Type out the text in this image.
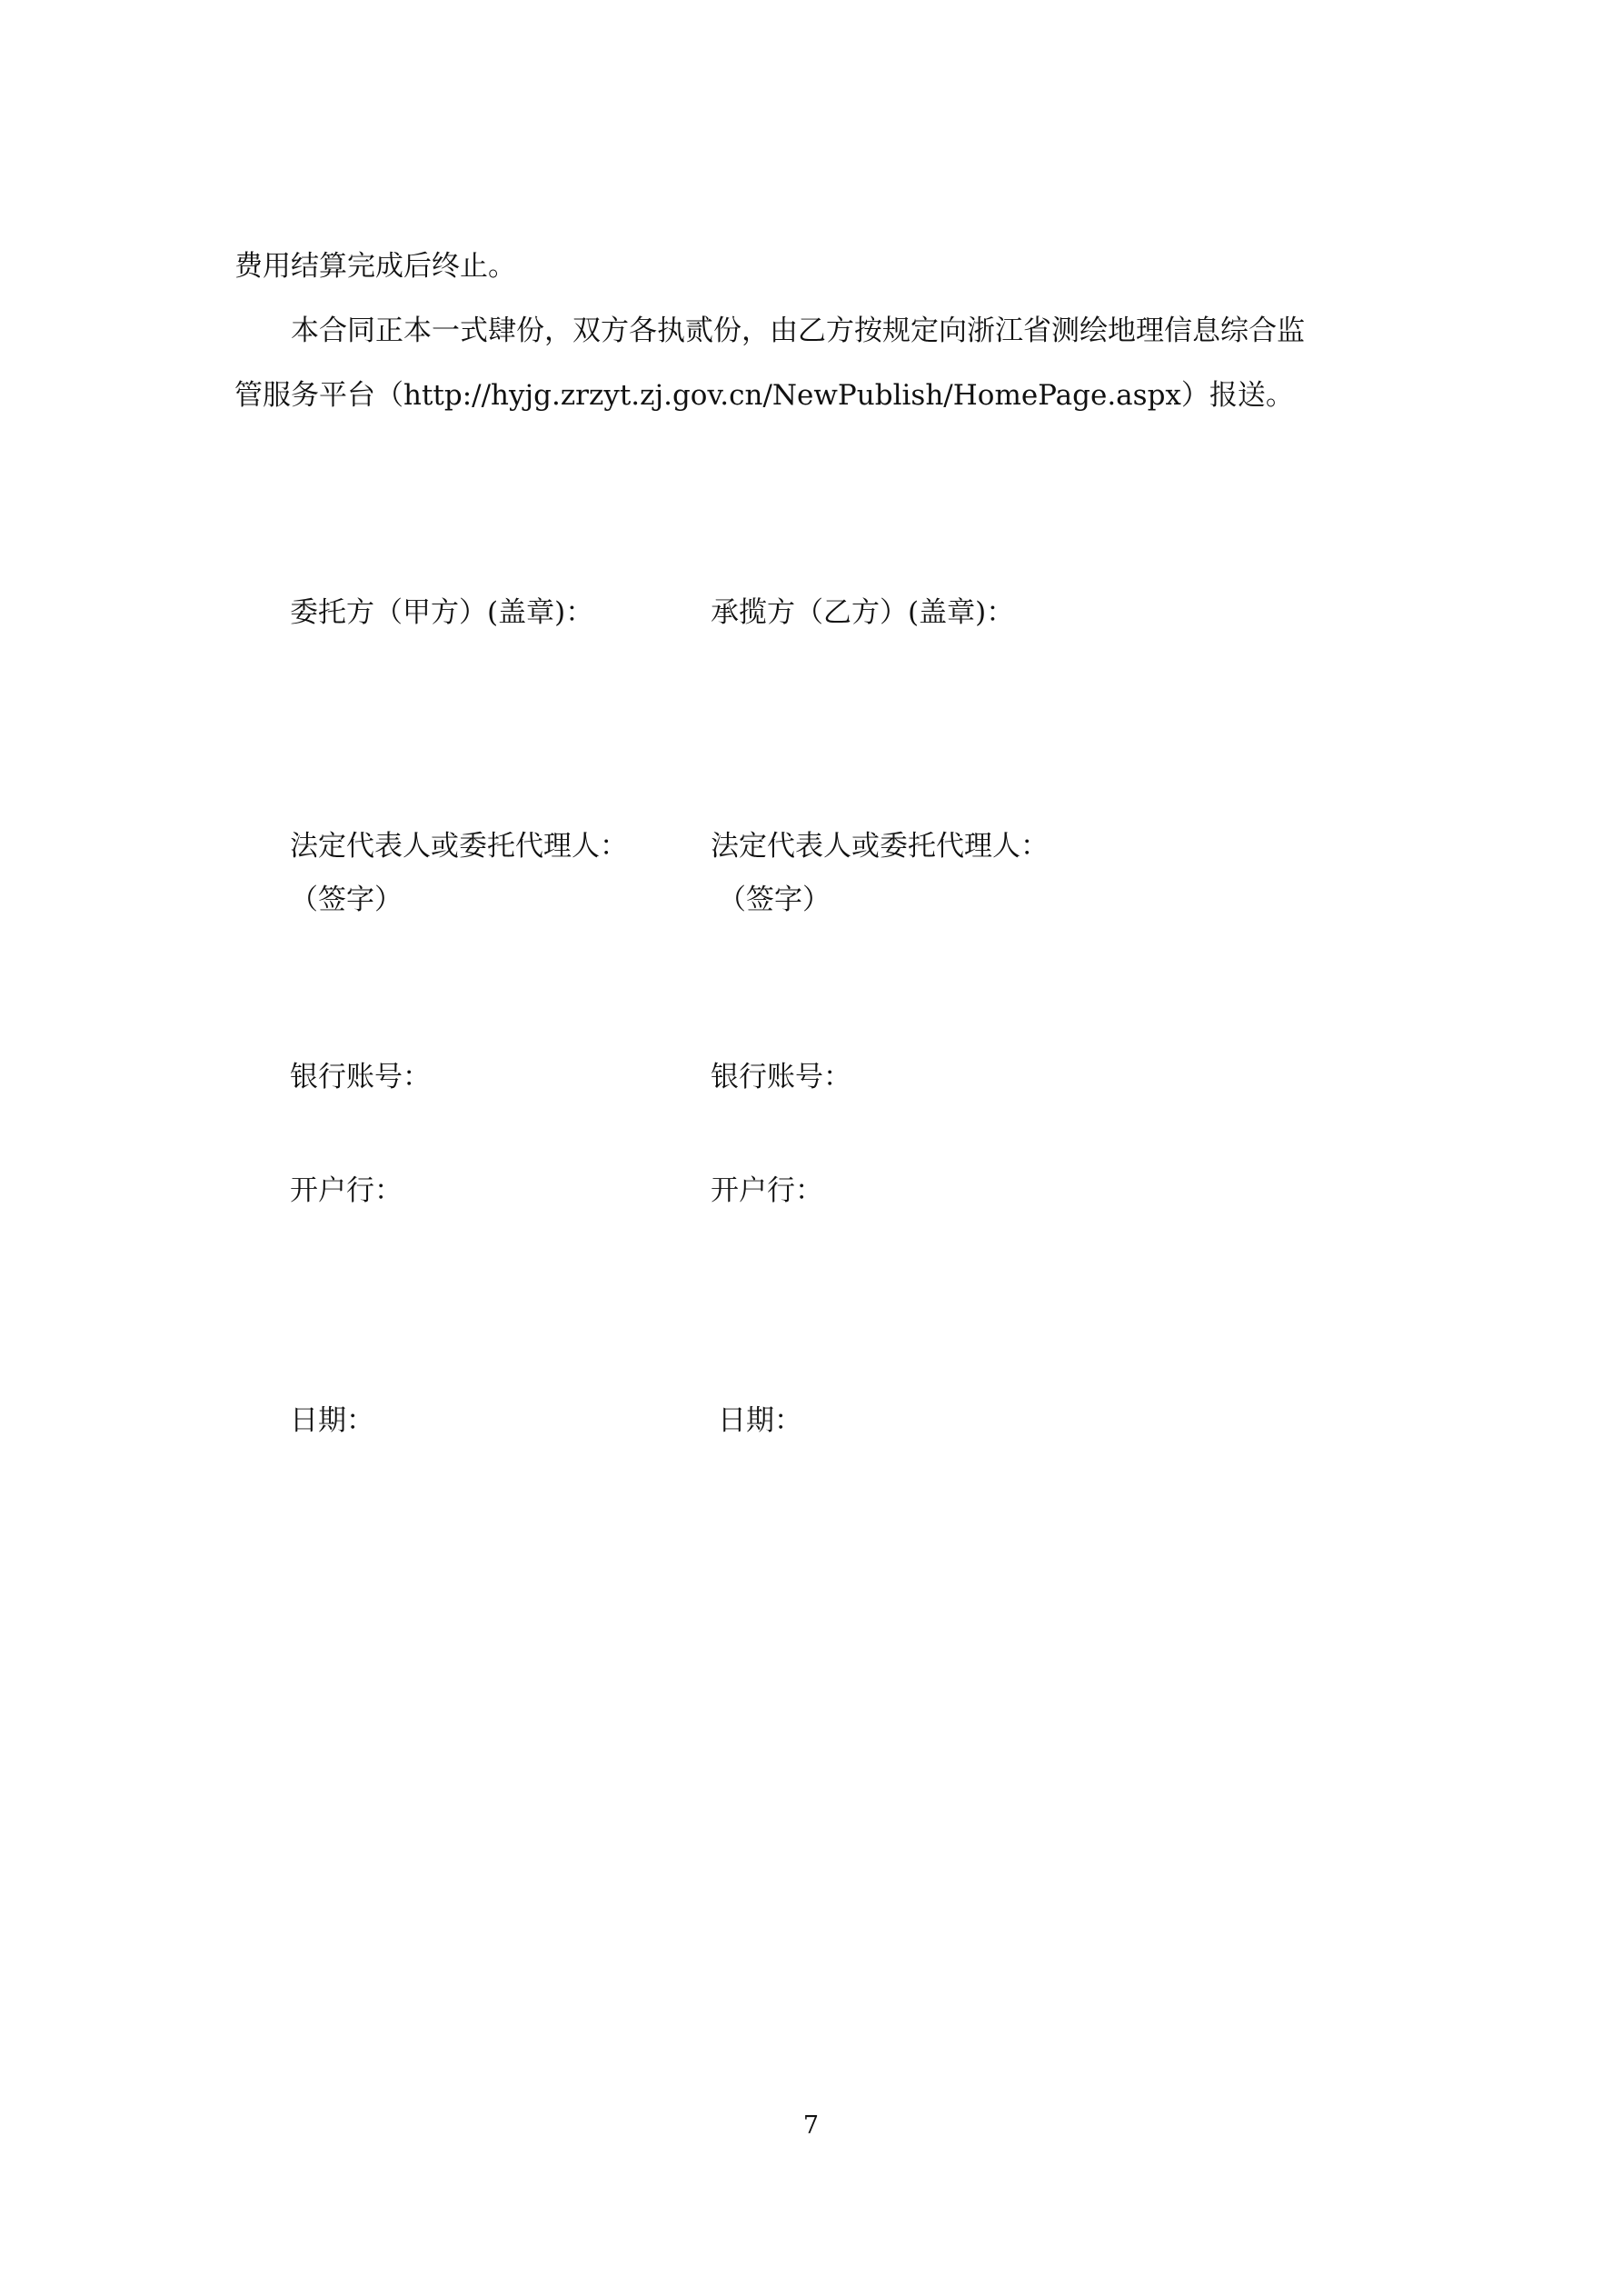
费用结算完成后终止。
本合同正本一式肆份，双方各执贰份，由乙方按规定向浙江省测绘地理信息综合监
管服务平台（http://hyjg.zrzyt.zj.gov.cn/NewPublish/HomePage.aspx）报送。
委托方（甲方）(盖章)：	承揽方（乙方）(盖章)：
法定代表人或委托代理人：	法定代表人或委托代理人：
（签字）	（签字）
银行账号：	银行账号：
开户行：	开户行：
日期：	日期：
7
